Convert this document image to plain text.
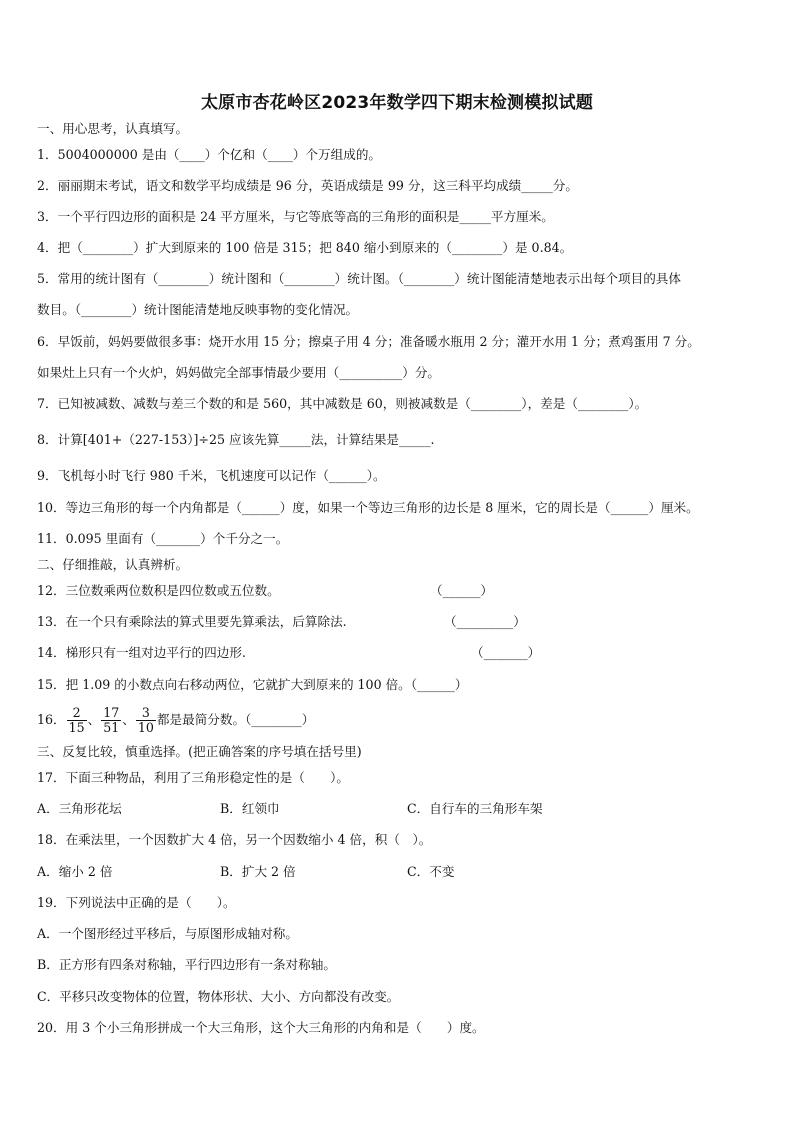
太原市杏花岭区2023年数学四下期末检测模拟试题
一、用心思考，认真填写。
1．5004000000 是由（____）个亿和（____）个万组成的。
2．丽丽期末考试，语文和数学平均成绩是 96 分，英语成绩是 99 分，这三科平均成绩_____分。
3．一个平行四边形的面积是 24 平方厘米，与它等底等高的三角形的面积是_____平方厘米。
4．把（________）扩大到原来的 100 倍是 315；把 840 缩小到原来的（________）是 0.84。
5．常用的统计图有（________）统计图和（________）统计图。（________）统计图能清楚地表示出每个项目的具体
数目。（________）统计图能清楚地反映事物的变化情况。
6．早饭前，妈妈要做很多事：烧开水用 15 分；擦桌子用 4 分；准备暖水瓶用 2 分；灌开水用 1 分；煮鸡蛋用 7 分。
如果灶上只有一个火炉，妈妈做完全部事情最少要用（__________）分。
7．已知被减数、减数与差三个数的和是 560，其中减数是 60，则被减数是（________），差是（________）。
8．计算[401+（227-153）]÷25 应该先算_____法，计算结果是_____.
9．飞机每小时飞行 980 千米，飞机速度可以记作（______）。
10．等边三角形的每一个内角都是（______）度，如果一个等边三角形的边长是 8 厘米，它的周长是（______）厘米。
11．0.095 里面有（_______）个千分之一。
二、仔细推敲，认真辨析。
12．三位数乘两位数积是四位数或五位数。	（______）
13．在一个只有乘除法的算式里要先算乘法，后算除法.	（_________）
14．梯形只有一组对边平行的四边形.	（_______）
15．把 1.09 的小数点向右移动两位，它就扩大到原来的 100 倍。（______）
16． $\frac{2}{15}$ 、 $\frac{17}{51}$ 、 $\frac{3}{10}$ 都是最简分数。（________）
三、反复比较，慎重选择。(把正确答案的序号填在括号里)
17．下面三种物品，利用了三角形稳定性的是（　　）。
A．三角形花坛	B．红领巾	C．自行车的三角形车架
18．在乘法里，一个因数扩大 4 倍，另一个因数缩小 4 倍，积（　）。
A．缩小 2 倍	B．扩大 2 倍	C．不变
19．下列说法中正确的是（　　）。
A．一个图形经过平移后，与原图形成轴对称。
B．正方形有四条对称轴，平行四边形有一条对称轴。
C．平移只改变物体的位置，物体形状、大小、方向都没有改变。
20．用 3 个小三角形拼成一个大三角形，这个大三角形的内角和是（　　）度。
